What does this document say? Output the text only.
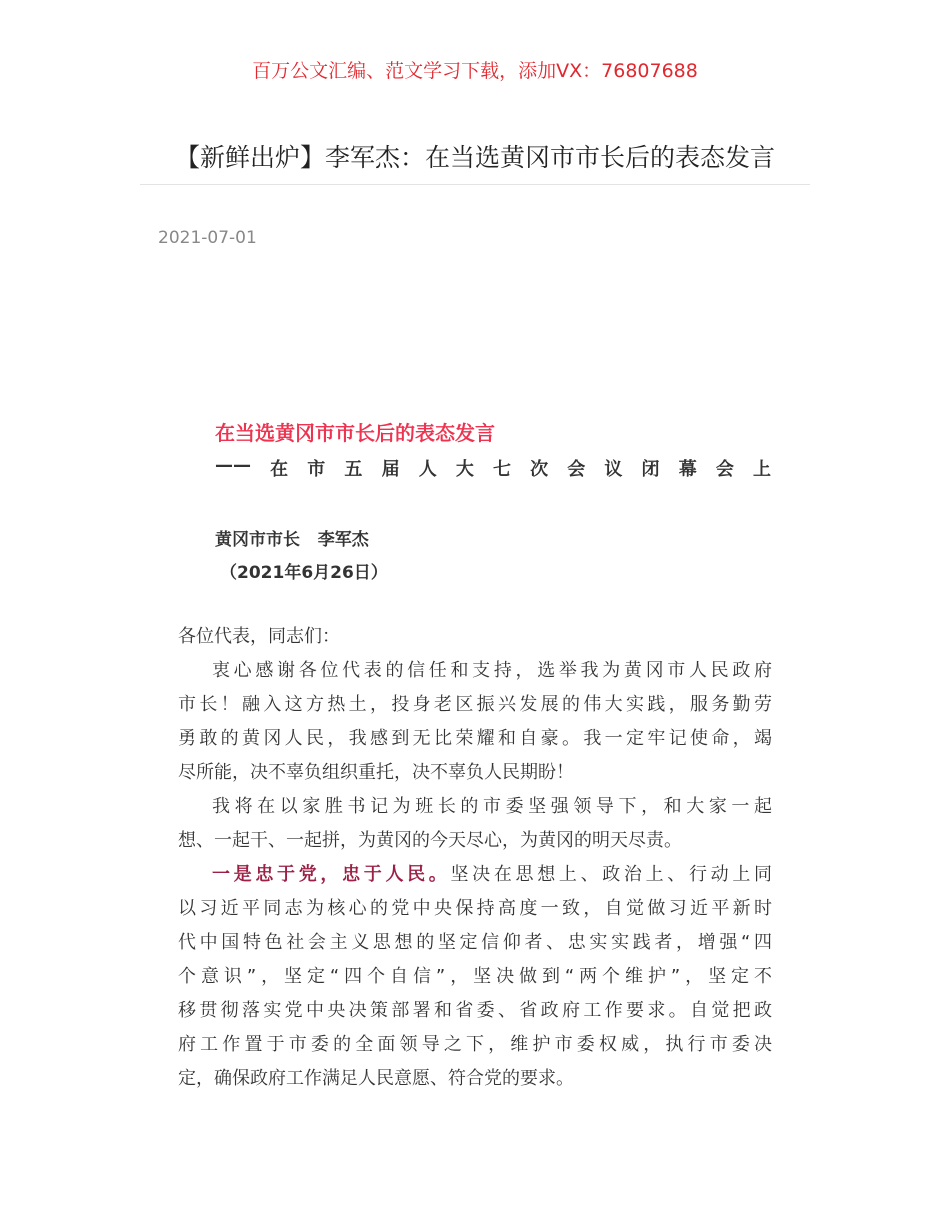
百万公文汇编、范文学习下载，添加VX：76807688
【新鲜出炉】李军杰：在当选黄冈市市长后的表态发言
2021-07-01
在当选黄冈市市长后的表态发言
—— 在 市 五 届 人 大 七 次 会 议 闭 幕 会 上
黄冈市市长   李军杰
（2021年6月26日）
各位代表，同志们：
衷心感谢各位代表的信任和支持，选举我为黄冈市人民政府
市长！融入这方热土，投身老区振兴发展的伟大实践，服务勤劳
勇敢的黄冈人民，我感到无比荣耀和自豪。我一定牢记使命，竭
尽所能，决不辜负组织重托，决不辜负人民期盼！
我将在以家胜书记为班长的市委坚强领导下，和大家一起
想、一起干、一起拼，为黄冈的今天尽心，为黄冈的明天尽责。
一是忠于党，忠于人民。坚决在思想上、政治上、行动上同
以习近平同志为核心的党中央保持高度一致，自觉做习近平新时
代中国特色社会主义思想的坚定信仰者、忠实实践者，增强“四
个意识”，坚定“四个自信”，坚决做到“两个维护”，坚定不
移贯彻落实党中央决策部署和省委、省政府工作要求。自觉把政
府工作置于市委的全面领导之下，维护市委权威，执行市委决
定，确保政府工作满足人民意愿、符合党的要求。
